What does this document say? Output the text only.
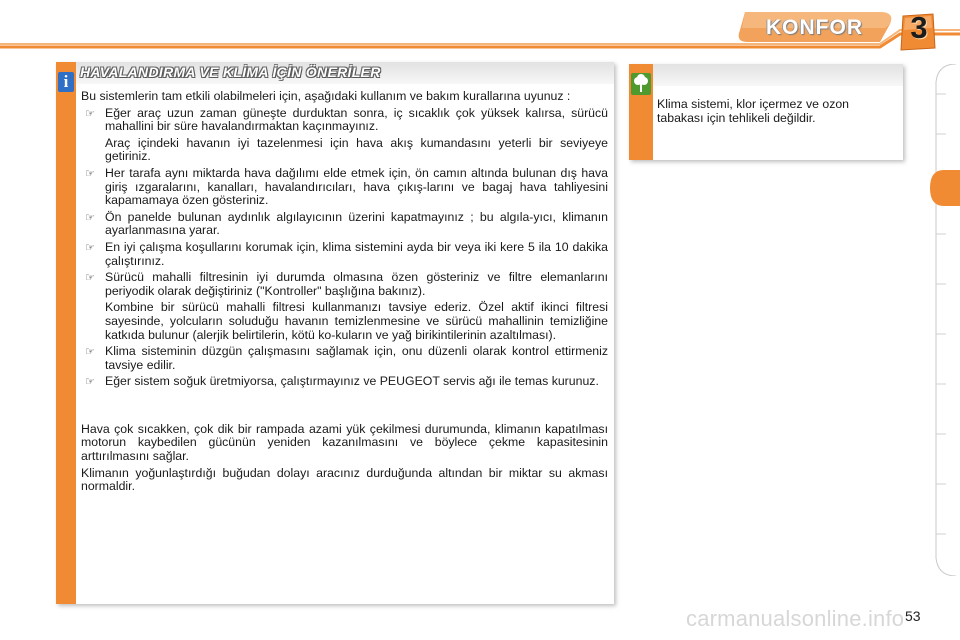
KONFOR 3
i HAVALANDIRMA VE KLİMA İÇİN ÖNERİLER

Bu sistemlerin tam etkili olabilmeleri için, aşağıdaki kullanım ve bakım kurallarına uyunuz :

☞ Eğer araç uzun zaman güneşte durduktan sonra, iç sıcaklık çok yüksek kalırsa, sürücü mahallini bir süre havalandırmaktan kaçınmayınız.
Araç içindeki havanın iyi tazelenmesi için hava akış kumandasını yeterli bir seviyeye getiriniz.
☞ Her tarafa aynı miktarda hava dağılımı elde etmek için, ön camın altında bulunan dış hava giriş ızgaralarını, kanalları, havalandırıcıları, hava çıkış-larını ve bagaj hava tahliyesini kapamamaya özen gösteriniz.
☞ Ön panelde bulunan aydınlık algılayıcının üzerini kapatmayınız ; bu algıla-yıcı, klimanın ayarlanmasına yarar.
☞ En iyi çalışma koşullarını korumak için, klima sistemini ayda bir veya iki kere 5 ila 10 dakika çalıştırınız.
☞ Sürücü mahalli filtresinin iyi durumda olmasına özen gösteriniz ve filtre elemanlarını periyodik olarak değiştiriniz ("Kontroller" başlığına bakınız).
Kombine bir sürücü mahalli filtresi kullanmanızı tavsiye ederiz. Özel aktif ikinci filtresi sayesinde, yolcuların soluduğu havanın temizlenmesine ve sürücü mahallinin temizliğine katkıda bulunur (alerjik belirtilerin, kötü ko-kuların ve yağ birikintilerinin azaltılması).
☞ Klima sisteminin düzgün çalışmasını sağlamak için, onu düzenli olarak kontrol ettirmeniz tavsiye edilir.
☞ Eğer sistem soğuk üretmiyorsa, çalıştırmayınız ve PEUGEOT servis ağı ile temas kurunuz.

Hava çok sıcakken, çok dik bir rampada azami yük çekilmesi durumunda, klimanın kapatılması motorun kaybedilen gücünün yeniden kazanılmasını ve böylece çekme kapasitesinin arttırılmasını sağlar.

Klimanın yoğunlaştırdığı buğudan dolayı aracınız durduğunda altından bir miktar su akması normaldir.

Klima sistemi, klor içermez ve ozon tabakası için tehlikeli değildir.
carmanualsonline.info 53
